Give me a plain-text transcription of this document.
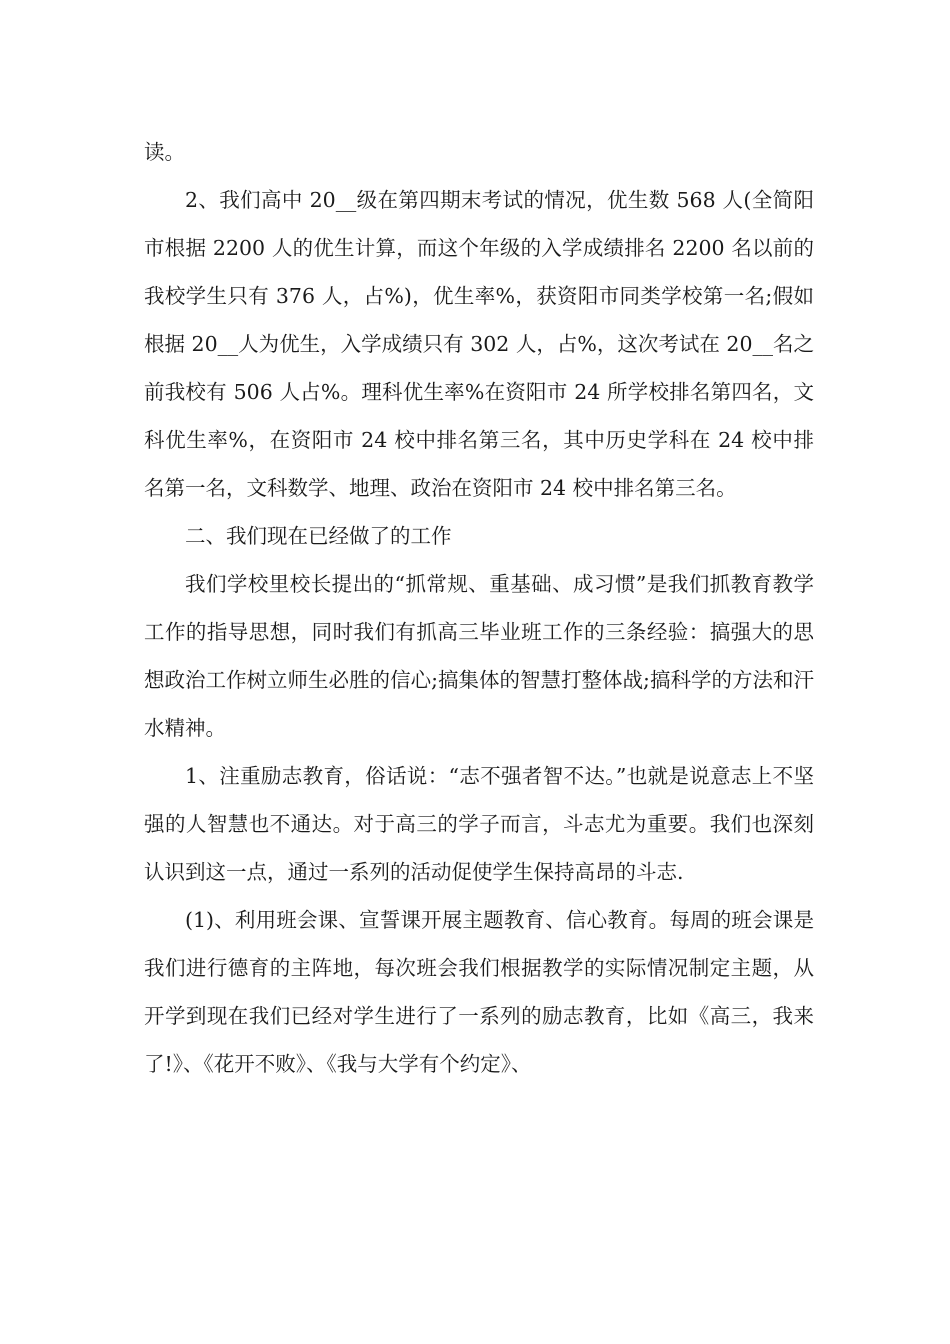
读。

2、我们高中 20__级在第四期末考试的情况，优生数 568 人(全简阳市根据 2200 人的优生计算，而这个年级的入学成绩排名 2200 名以前的我校学生只有 376 人，占%)，优生率%，获资阳市同类学校第一名;假如根据 20__人为优生，入学成绩只有 302 人，占%，这次考试在 20__名之前我校有 506 人占%。理科优生率%在资阳市 24 所学校排名第四名，文科优生率%，在资阳市 24 校中排名第三名，其中历史学科在 24 校中排名第一名，文科数学、地理、政治在资阳市 24 校中排名第三名。

二、我们现在已经做了的工作

我们学校里校长提出的“抓常规、重基础、成习惯”是我们抓教育教学工作的指导思想，同时我们有抓高三毕业班工作的三条经验：搞强大的思想政治工作树立师生必胜的信心;搞集体的智慧打整体战;搞科学的方法和汗水精神。

1、注重励志教育，俗话说：“志不强者智不达。”也就是说意志上不坚强的人智慧也不通达。对于高三的学子而言，斗志尤为重要。我们也深刻认识到这一点，通过一系列的活动促使学生保持高昂的斗志.

(1)、利用班会课、宣誓课开展主题教育、信心教育。每周的班会课是我们进行德育的主阵地，每次班会我们根据教学的实际情况制定主题，从开学到现在我们已经对学生进行了一系列的励志教育，比如《高三，我来了!》、《花开不败》、《我与大学有个约定》、
